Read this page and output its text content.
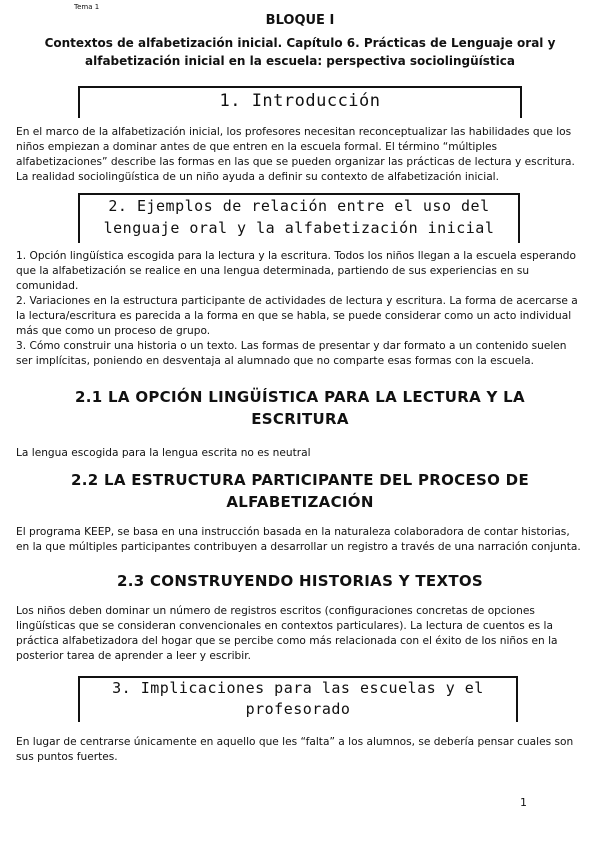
Tema 1
BLOQUE I
Contextos de alfabetización inicial. Capítulo 6. Prácticas de Lenguaje oral y alfabetización inicial en la escuela: perspectiva sociolingüística
1. Introducción

En el marco de la alfabetización inicial, los profesores necesitan reconceptualizar las habilidades que los niños empiezan a dominar antes de que entren en la escuela formal. El término “múltiples alfabetizaciones” describe las formas en las que se pueden organizar las prácticas de lectura y escritura. La realidad sociolingüística de un niño ayuda a definir su contexto de alfabetización inicial.

2. Ejemplos de relación entre el uso del lenguaje oral y la alfabetización inicial

1. Opción lingüística escogida para la lectura y la escritura. Todos los niños llegan a la escuela esperando que la alfabetización se realice en una lengua determinada, partiendo de sus experiencias en su comunidad.

2. Variaciones en la estructura participante de actividades de lectura y escritura. La forma de acercarse a la lectura/escritura es parecida a la forma en que se habla, se puede considerar como un acto individual más que como un proceso de grupo.

3. Cómo construir una historia o un texto. Las formas de presentar y dar formato a un contenido suelen ser implícitas, poniendo en desventaja al alumnado que no comparte esas formas con la escuela.

2.1 LA OPCIÓN LINGÜÍSTICA PARA LA LECTURA Y LA ESCRITURA

La lengua escogida para la lengua escrita no es neutral

2.2 LA ESTRUCTURA PARTICIPANTE DEL PROCESO DE ALFABETIZACIÓN

El programa KEEP, se basa en una instrucción basada en la naturaleza colaboradora de contar historias, en la que múltiples participantes contribuyen a desarrollar un registro a través de una narración conjunta.

2.3 CONSTRUYENDO HISTORIAS Y TEXTOS

Los niños deben dominar un número de registros escritos (configuraciones concretas de opciones lingüísticas que se consideran convencionales en contextos particulares). La lectura de cuentos es la práctica alfabetizadora del hogar que se percibe como más relacionada con el éxito de los niños en la posterior tarea de aprender a leer y escribir.

3. Implicaciones para las escuelas y el profesorado

En lugar de centrarse únicamente en aquello que les “falta” a los alumnos, se debería pensar cuales son sus puntos fuertes.

1
